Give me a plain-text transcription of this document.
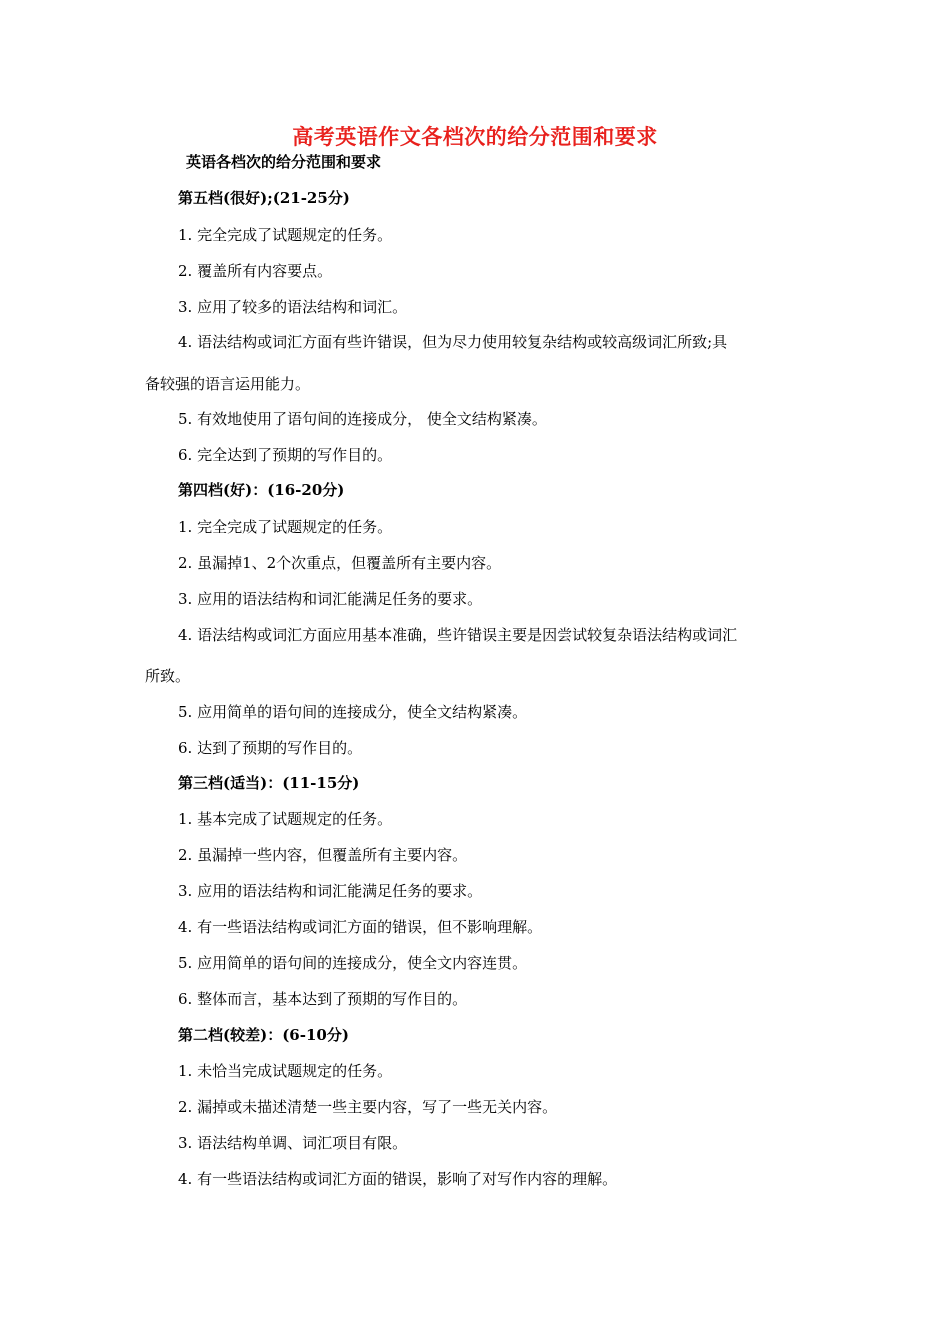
高考英语作文各档次的给分范围和要求
英语各档次的给分范围和要求
第五档(很好);(21-25分)
1. 完全完成了试题规定的任务。
2. 覆盖所有内容要点。
3. 应用了较多的语法结构和词汇。
4. 语法结构或词汇方面有些许错误，但为尽力使用较复杂结构或较高级词汇所致;具
备较强的语言运用能力。
5. 有效地使用了语句间的连接成分， 使全文结构紧凑。
6. 完全达到了预期的写作目的。
第四档(好)：(16-20分)
1. 完全完成了试题规定的任务。
2. 虽漏掉1、2个次重点，但覆盖所有主要内容。
3. 应用的语法结构和词汇能满足任务的要求。
4. 语法结构或词汇方面应用基本准确，些许错误主要是因尝试较复杂语法结构或词汇
所致。
5. 应用简单的语句间的连接成分，使全文结构紧凑。
6. 达到了预期的写作目的。
第三档(适当)：(11-15分)
1. 基本完成了试题规定的任务。
2. 虽漏掉一些内容，但覆盖所有主要内容。
3. 应用的语法结构和词汇能满足任务的要求。
4. 有一些语法结构或词汇方面的错误，但不影响理解。
5. 应用简单的语句间的连接成分，使全文内容连贯。
6. 整体而言，基本达到了预期的写作目的。
第二档(较差)：(6-10分)
1. 未恰当完成试题规定的任务。
2. 漏掉或未描述清楚一些主要内容，写了一些无关内容。
3. 语法结构单调、词汇项目有限。
4. 有一些语法结构或词汇方面的错误，影响了对写作内容的理解。
